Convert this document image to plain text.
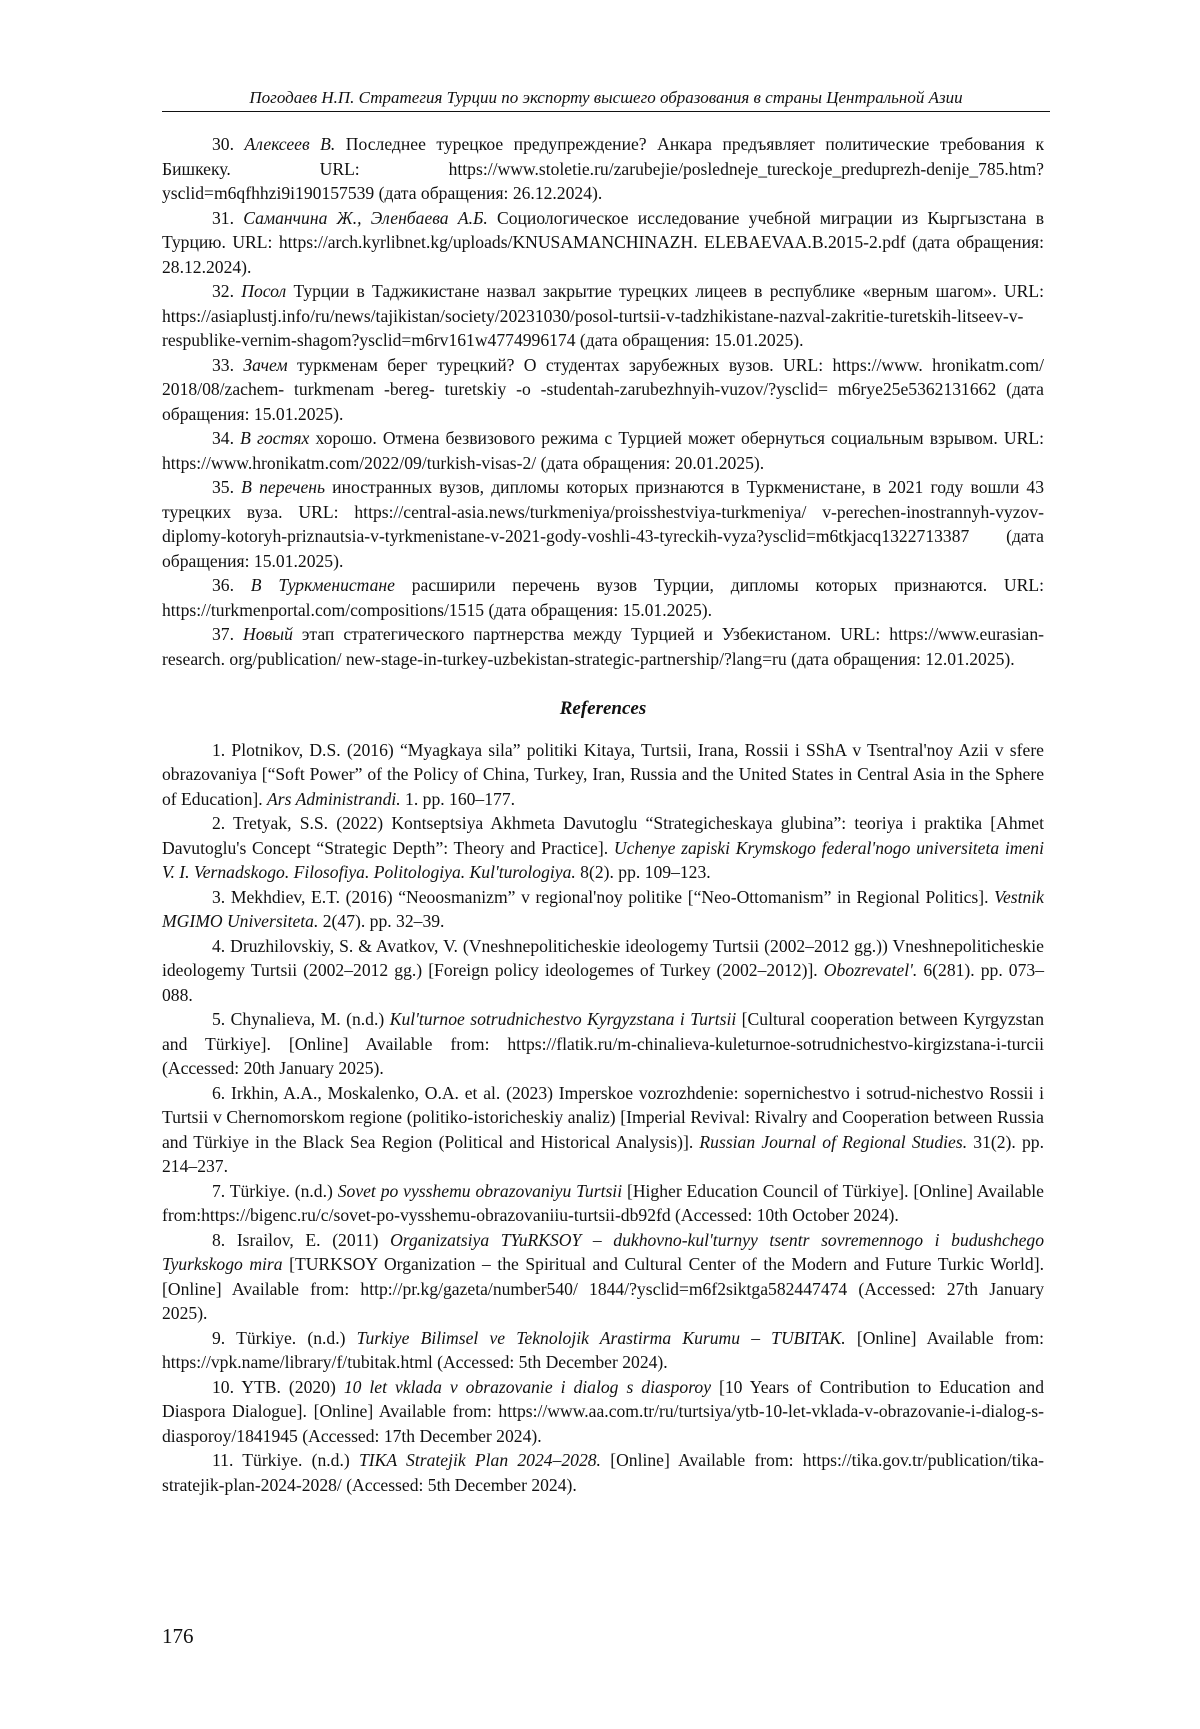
Погодаев Н.П. Стратегия Турции по экспорту высшего образования в страны Центральной Азии

30. Алексеев В. Последнее турецкое предупреждение? Анкара предъявляет политические требования к Бишкеку. URL: https://www.stoletie.ru/zarubejie/posledneje_tureckoje_preduprezh-denije_785.htm?ysclid=m6qfhhzi9i190157539 (дата обращения: 26.12.2024).

31. Саманчина Ж., Эленбаева А.Б. Социологическое исследование учебной миграции из Кыргызстана в Турцию. URL: https://arch.kyrlibnet.kg/uploads/KNUSAMANCHINAZH. ELEBAEVAA.B.2015-2.pdf (дата обращения: 28.12.2024).

32. Посол Турции в Таджикистане назвал закрытие турецких лицеев в республике «верным шагом». URL: https://asiaplustj.info/ru/news/tajikistan/society/20231030/posol-turtsii-v-tadzhikistane-nazval-zakritie-turetskih-litseev-v-respublike-vernim-shagom?ysclid=m6rv161w4774996174 (дата обращения: 15.01.2025).

33. Зачем туркменам берег турецкий? О студентах зарубежных вузов. URL: https://www. hronikatm.com/ 2018/08/zachem- turkmenam -bereg- turetskiy -o -studentah-zarubezhnyih-vuzov/?ysclid= m6rye25e5362131662 (дата обращения: 15.01.2025).

34. В гостях хорошо. Отмена безвизового режима с Турцией может обернуться социальным взрывом. URL: https://www.hronikatm.com/2022/09/turkish-visas-2/ (дата обращения: 20.01.2025).

35. В перечень иностранных вузов, дипломы которых признаются в Туркменистане, в 2021 году вошли 43 турецких вуза. URL: https://central-asia.news/turkmeniya/proisshestviya-turkmeniya/ v-perechen-inostrannyh-vyzov-diplomy-kotoryh-priznautsia-v-tyrkmenistane-v-2021-gody-voshli-43-tyreckih-vyza?ysclid=m6tkjacq1322713387 (дата обращения: 15.01.2025).

36. В Туркменистане расширили перечень вузов Турции, дипломы которых признаются. URL: https://turkmenportal.com/compositions/1515 (дата обращения: 15.01.2025).

37. Новый этап стратегического партнерства между Турцией и Узбекистаном. URL: https://www.eurasian-research. org/publication/ new-stage-in-turkey-uzbekistan-strategic-partnership/?lang=ru (дата обращения: 12.01.2025).

References

1. Plotnikov, D.S. (2016) “Myagkaya sila” politiki Kitaya, Turtsii, Irana, Rossii i SShA v Tsentral'noy Azii v sfere obrazovaniya [“Soft Power” of the Policy of China, Turkey, Iran, Russia and the United States in Central Asia in the Sphere of Education]. Ars Administrandi. 1. pp. 160–177.

2. Tretyak, S.S. (2022) Kontseptsiya Akhmeta Davutoglu “Strategicheskaya glubina”: teoriya i praktika [Ahmet Davutoglu's Concept “Strategic Depth”: Theory and Practice]. Uchenye zapiski Krymskogo federal'nogo universiteta imeni V. I. Vernadskogo. Filosofiya. Politologiya. Kul'turologiya. 8(2). pp. 109–123.

3. Mekhdiev, E.T. (2016) “Neoosmanizm” v regional'noy politike [“Neo-Ottomanism” in Regional Politics]. Vestnik MGIMO Universiteta. 2(47). pp. 32–39.

4. Druzhilovskiy, S. & Avatkov, V. (Vneshnepoliticheskie ideologemy Turtsii (2002–2012 gg.)) Vneshnepoliticheskie ideologemy Turtsii (2002–2012 gg.) [Foreign policy ideologemes of Turkey (2002–2012)]. Obozrevatel'. 6(281). pp. 073–088.

5. Chynalieva, M. (n.d.) Kul'turnoe sotrudnichestvo Kyrgyzstana i Turtsii [Cultural cooperation between Kyrgyzstan and Türkiye]. [Online] Available from: https://flatik.ru/m-chinalieva-kuleturnoe-sotrudnichestvo-kirgizstana-i-turcii (Accessed: 20th January 2025).

6. Irkhin, A.A., Moskalenko, O.A. et al. (2023) Imperskoe vozrozhdenie: sopernichestvo i sotrud-nichestvo Rossii i Turtsii v Chernomorskom regione (politiko-istoricheskiy analiz) [Imperial Revival: Rivalry and Cooperation between Russia and Türkiye in the Black Sea Region (Political and Historical Analysis)]. Russian Journal of Regional Studies. 31(2). pp. 214–237.

7. Türkiye. (n.d.) Sovet po vysshemu obrazovaniyu Turtsii [Higher Education Council of Türkiye]. [Online] Available from:https://bigenc.ru/c/sovet-po-vysshemu-obrazovaniiu-turtsii-db92fd (Accessed: 10th October 2024).

8. Israilov, E. (2011) Organizatsiya TYuRKSOY – dukhovno-kul'turnyy tsentr sovremennogo i budushchego Tyurkskogo mira [TURKSOY Organization – the Spiritual and Cultural Center of the Modern and Future Turkic World]. [Online] Available from: http://pr.kg/gazeta/number540/ 1844/?ysclid=m6f2siktga582447474 (Accessed: 27th January 2025).

9. Türkiye. (n.d.) Turkiye Bilimsel ve Teknolojik Arastirma Kurumu – TUBITAK. [Online] Available from: https://vpk.name/library/f/tubitak.html (Accessed: 5th December 2024).

10. YTB. (2020) 10 let vklada v obrazovanie i dialog s diasporoy [10 Years of Contribution to Education and Diaspora Dialogue]. [Online] Available from: https://www.aa.com.tr/ru/turtsiya/ytb-10-let-vklada-v-obrazovanie-i-dialog-s-diasporoy/1841945 (Accessed: 17th December 2024).

11. Türkiye. (n.d.) TIKA Stratejik Plan 2024–2028. [Online] Available from: https://tika.gov.tr/publication/tika-stratejik-plan-2024-2028/ (Accessed: 5th December 2024).

176
